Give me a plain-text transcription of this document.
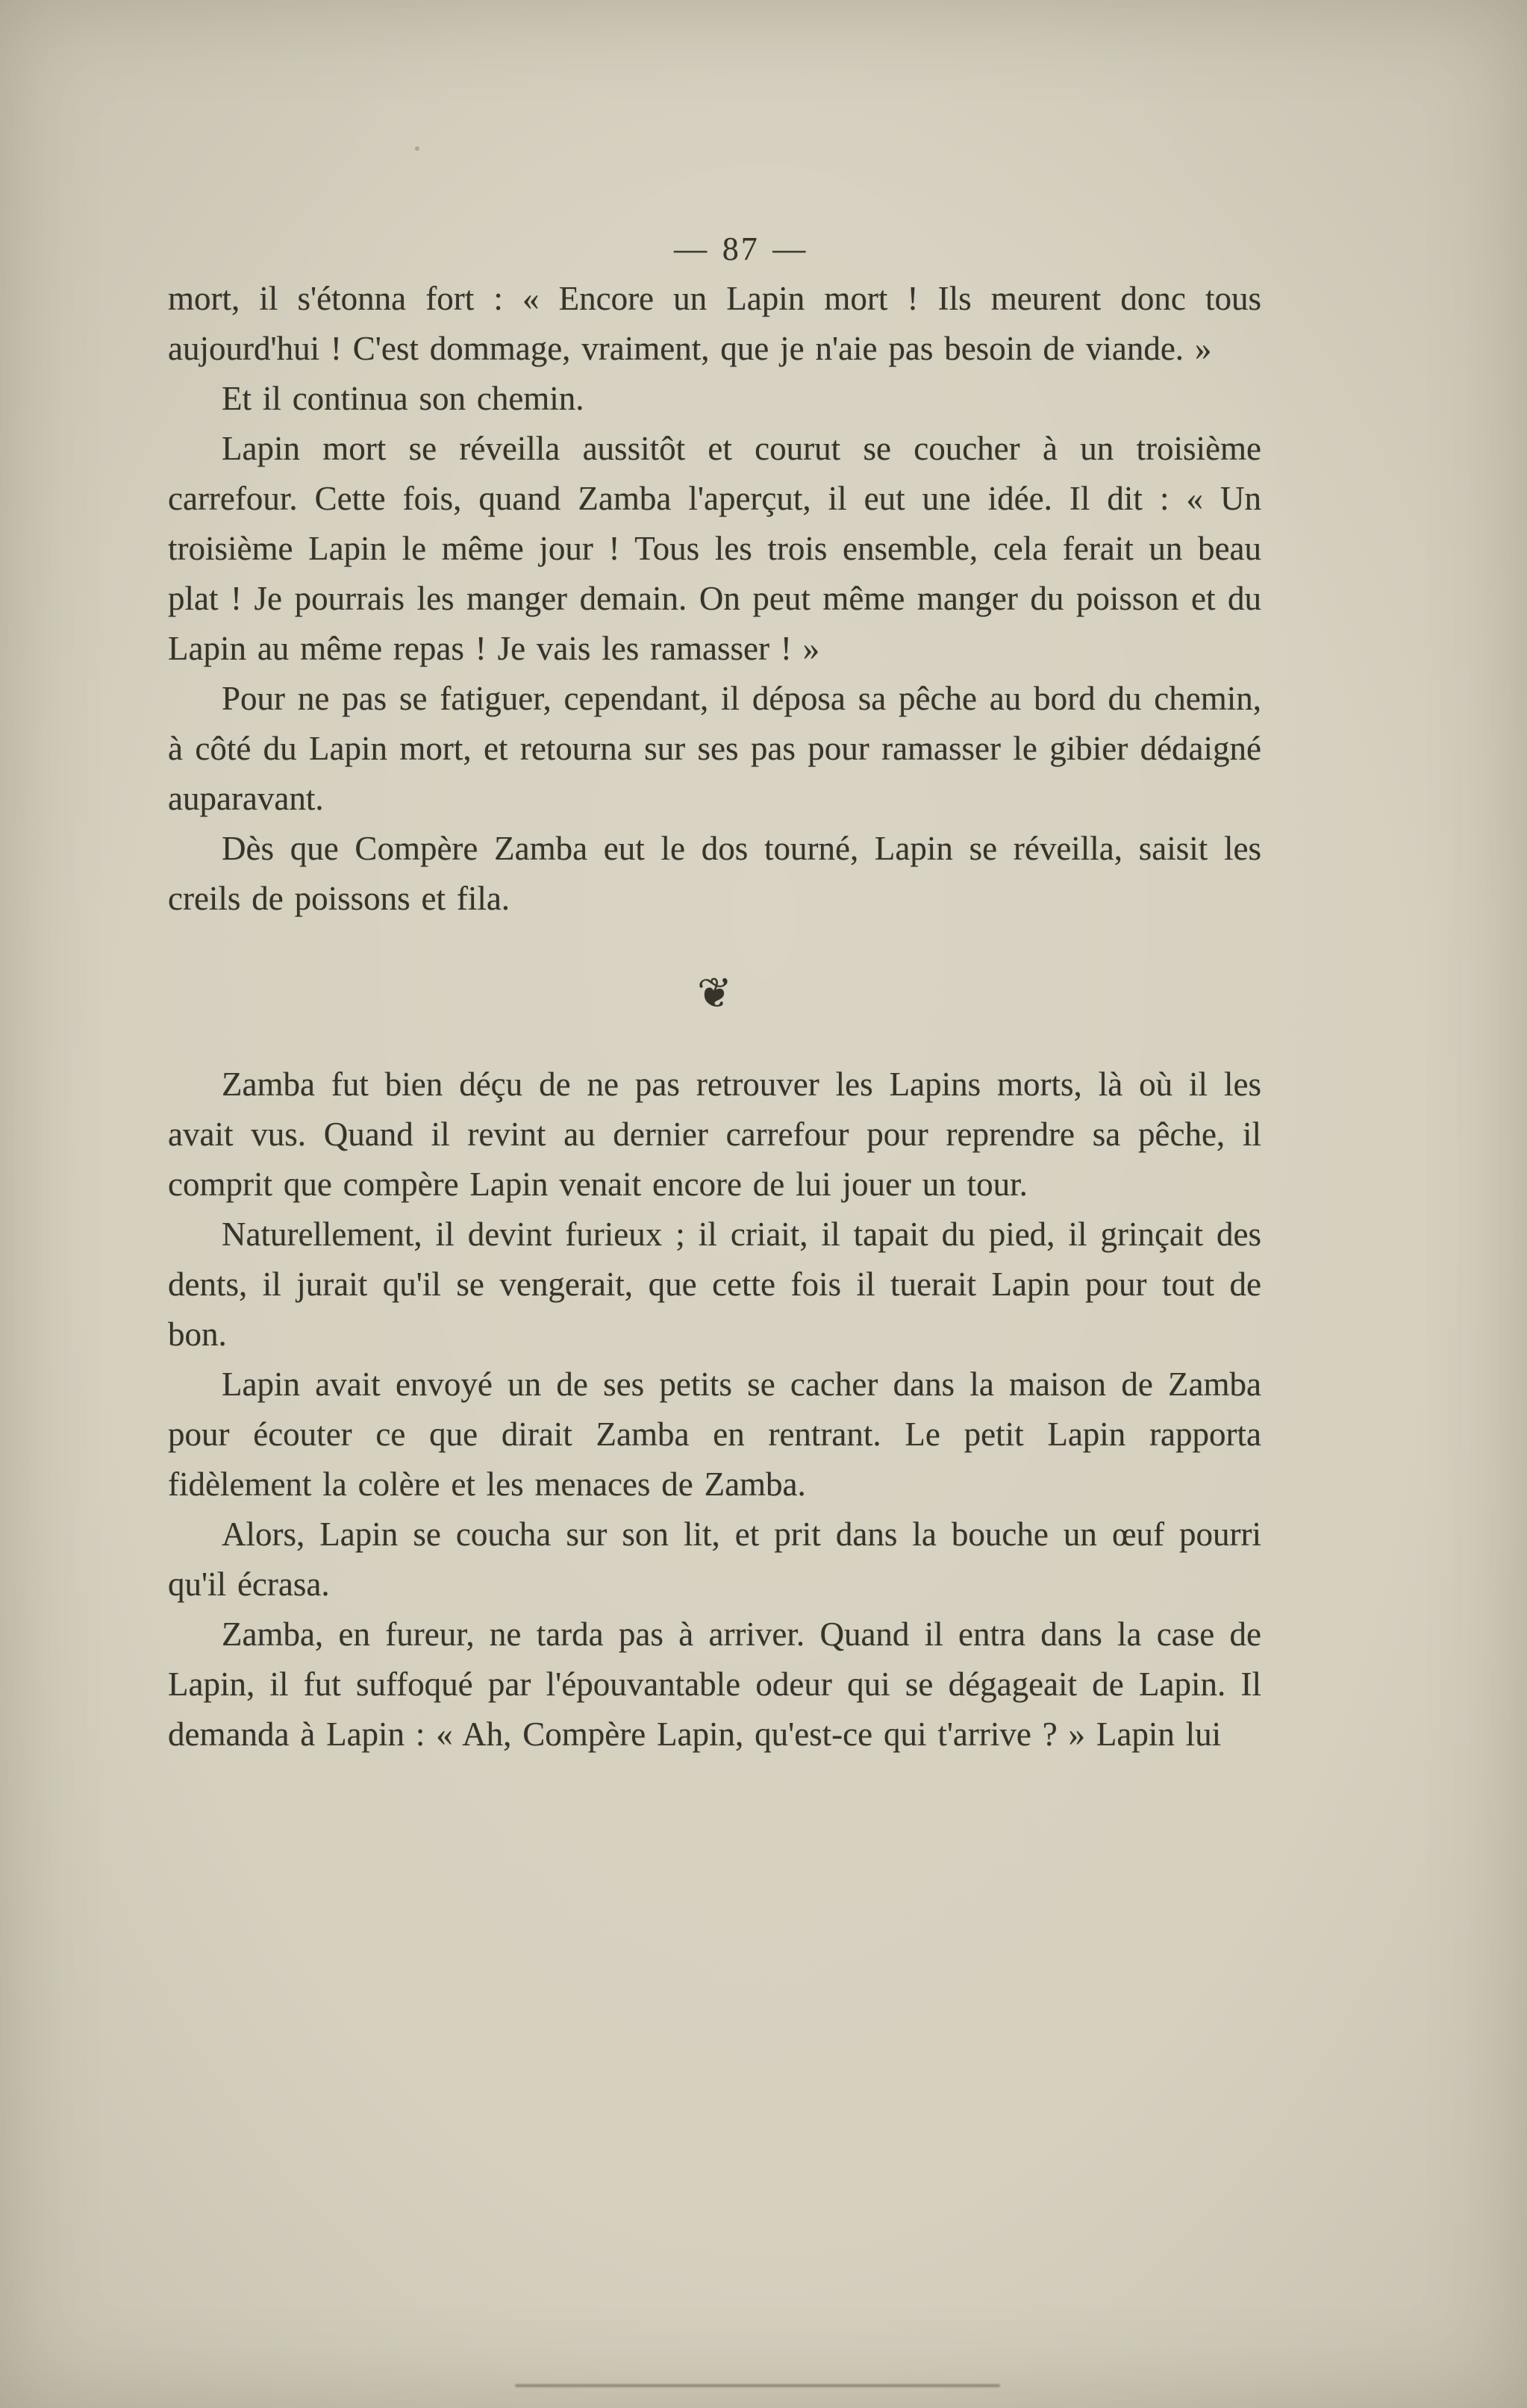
— 87 —

mort, il s'étonna fort : « Encore un Lapin mort ! Ils meurent donc tous aujourd'hui ! C'est dommage, vraiment, que je n'aie pas besoin de viande. »

Et il continua son chemin.

Lapin mort se réveilla aussitôt et courut se coucher à un troisième carrefour. Cette fois, quand Zamba l'aperçut, il eut une idée. Il dit : « Un troisième Lapin le même jour ! Tous les trois ensemble, cela ferait un beau plat ! Je pourrais les manger demain. On peut même manger du poisson et du Lapin au même repas ! Je vais les ramasser ! »

Pour ne pas se fatiguer, cependant, il déposa sa pêche au bord du chemin, à côté du Lapin mort, et retourna sur ses pas pour ramasser le gibier dédaigné auparavant.

Dès que Compère Zamba eut le dos tourné, Lapin se réveilla, saisit les creils de poissons et fila.

❦

Zamba fut bien déçu de ne pas retrouver les Lapins morts, là où il les avait vus. Quand il revint au dernier carrefour pour reprendre sa pêche, il comprit que compère Lapin venait encore de lui jouer un tour.

Naturellement, il devint furieux ; il criait, il tapait du pied, il grinçait des dents, il jurait qu'il se vengerait, que cette fois il tuerait Lapin pour tout de bon.

Lapin avait envoyé un de ses petits se cacher dans la maison de Zamba pour écouter ce que dirait Zamba en rentrant. Le petit Lapin rapporta fidèlement la colère et les menaces de Zamba.

Alors, Lapin se coucha sur son lit, et prit dans la bouche un œuf pourri qu'il écrasa.

Zamba, en fureur, ne tarda pas à arriver. Quand il entra dans la case de Lapin, il fut suffoqué par l'épouvantable odeur qui se dégageait de Lapin. Il demanda à Lapin : « Ah, Compère Lapin, qu'est-ce qui t'arrive ? » Lapin lui
